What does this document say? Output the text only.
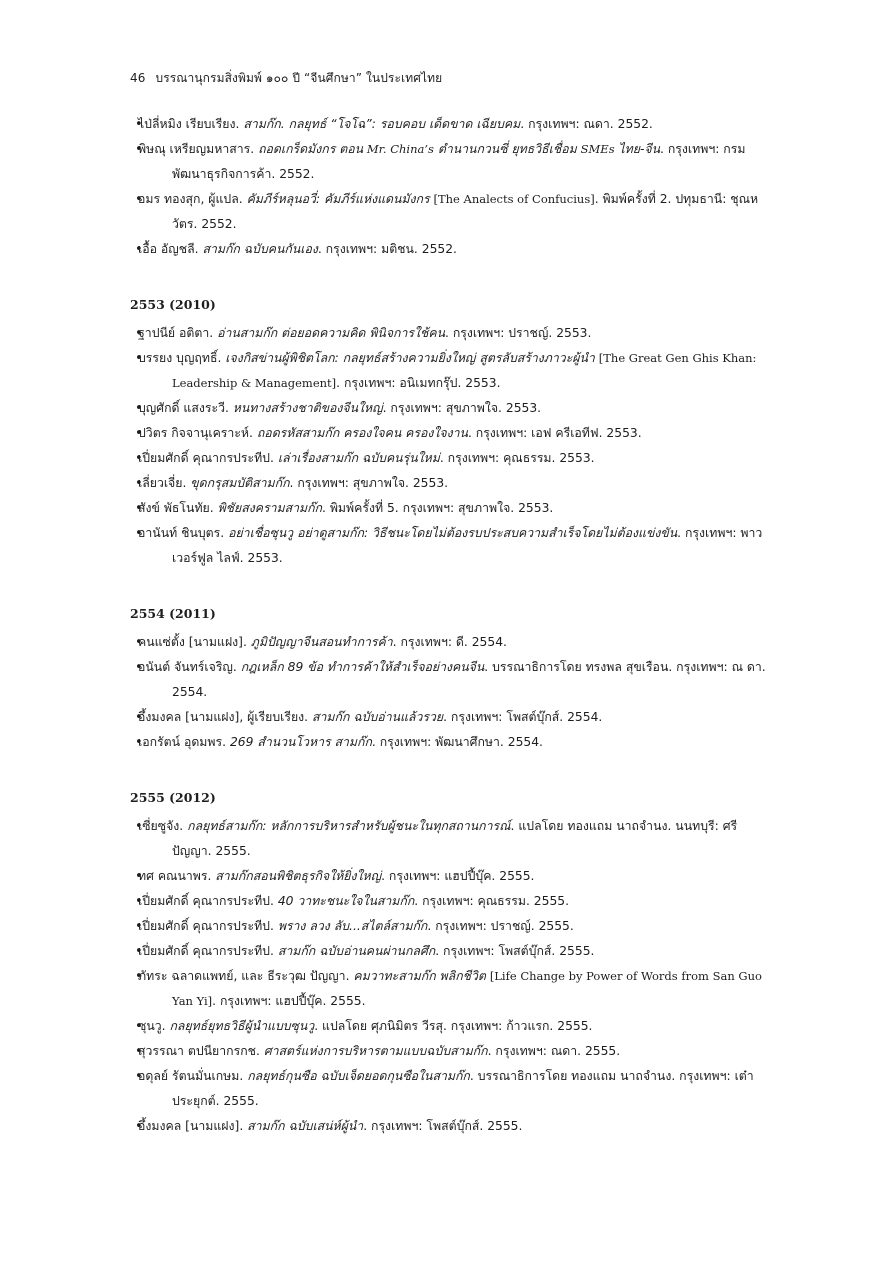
46 บรรณานุกรมสิ่งพิมพ์ ๑๐๐ ปี “จีนศึกษา” ในประเทศไทย
• ไป่ลี่หมิง เรียบเรียง. สามก๊ก. กลยุทธ์ “โจโฉ”: รอบคอบ เด็ดขาด เฉียบคม. กรุงเทพฯ: ณดา. 2552.
• พิษณุ เหรียญมหาสาร. ถอดเกร็ดมังกร ตอน Mr. China’s ตำนานกวนซี่ ยุทธวิธีเชื่อม SMEs ไทย-จีน. กรุงเทพฯ: กรมพัฒนาธุรกิจการค้า. 2552.
• อมร ทองสุก, ผู้แปล. คัมภีร์หลุนอวี่: คัมภีร์แห่งแดนมังกร [The Analects of Confucius]. พิมพ์ครั้งที่ 2. ปทุมธานี: ชุณหวัตร. 2552.
• เอื้อ อัญชลี. สามก๊ก ฉบับคนกันเอง. กรุงเทพฯ: มติชน. 2552.
2553 (2010)
• ฐาปนีย์ อติตา. อ่านสามก๊ก ต่อยอดความคิด พินิจการใช้คน. กรุงเทพฯ: ปราชญ์. 2553.
• บรรยง บุญฤทธิ์. เจงกิสข่านผู้พิชิตโลก: กลยุทธ์สร้างความยิ่งใหญ่ สูตรลับสร้างภาวะผู้นำ [The Great Gen Ghis Khan: Leadership & Management]. กรุงเทพฯ: อนิเมทกรุ๊ป. 2553.
• บุญศักดิ์ แสงระวี. หนทางสร้างชาติของจีนใหญ่. กรุงเทพฯ: สุขภาพใจ. 2553.
• ปวิตร กิจจานุเคราะห์. ถอดรหัสสามก๊ก ครองใจคน ครองใจงาน. กรุงเทพฯ: เอฟ ครีเอทีฟ. 2553.
• เปี่ยมศักดิ์ คุณากรประทีป. เล่าเรื่องสามก๊ก ฉบับคนรุ่นใหม่. กรุงเทพฯ: คุณธรรม. 2553.
• เลี่ยวเจี่ย. ขุดกรุสมบัติสามก๊ก. กรุงเทพฯ: สุขภาพใจ. 2553.
• สังข์ พัธโนทัย. พิชัยสงครามสามก๊ก. พิมพ์ครั้งที่ 5. กรุงเทพฯ: สุขภาพใจ. 2553.
• อานันท์ ชินบุตร. อย่าเชื่อซุนวู อย่าดูสามก๊ก: วิธีชนะโดยไม่ต้องรบประสบความสำเร็จโดยไม่ต้องแข่งขัน. กรุงเทพฯ: พาวเวอร์ฟูล ไลฟ์. 2553.
2554 (2011)
• คนแซ่ตั้ง [นามแฝง]. ภูมิปัญญาจีนสอนทำการค้า. กรุงเทพฯ: ดี. 2554.
• อนันต์ จันทร์เจริญ. กฎเหล็ก 89 ข้อ ทำการค้าให้สำเร็จอย่างคนจีน. บรรณาธิการโดย ทรงพล สุขเรือน. กรุงเทพฯ: ณ ดา. 2554.
• อึ้งมงคล [นามแฝง], ผู้เรียบเรียง. สามก๊ก ฉบับอ่านแล้วรวย. กรุงเทพฯ: โพสต์บุ๊กส์. 2554.
• เอกรัตน์ อุดมพร. 269 สำนวนโวหาร สามก๊ก. กรุงเทพฯ: พัฒนาศึกษา. 2554.
2555 (2012)
• เซี่ยซูจัง. กลยุทธ์สามก๊ก: หลักการบริหารสำหรับผู้ชนะในทุกสถานการณ์. แปลโดย ทองแถม นาถจำนง. นนทบุรี: ศรีปัญญา. 2555.
• ทศ คณนาพร. สามก๊กสอนพิชิตธุรกิจให้ยิ่งใหญ่. กรุงเทพฯ: แฮปปี้บุ๊ค. 2555.
• เปี่ยมศักดิ์ คุณากรประทีป. 40 วาทะชนะใจในสามก๊ก. กรุงเทพฯ: คุณธรรม. 2555.
• เปี่ยมศักดิ์ คุณากรประทีป. พราง ลวง ลับ...สไตล์สามก๊ก. กรุงเทพฯ: ปราชญ์. 2555.
• เปี่ยมศักดิ์ คุณากรประทีป. สามก๊ก ฉบับอ่านคนผ่านกลศึก. กรุงเทพฯ: โพสต์บุ๊กส์. 2555.
• ภัทระ ฉลาดแพทย์, และ ธีระวุฒ ปัญญา. คมวาทะสามก๊ก พลิกชีวิต [Life Change by Power of Words from San Guo Yan Yi]. กรุงเทพฯ: แฮปปี้บุ๊ค. 2555.
• ซุนวู. กลยุทธ์ยุทธวิธีผู้นำแบบซุนวู. แปลโดย ศุภนิมิตร วีรสุ. กรุงเทพฯ: ก้าวแรก. 2555.
• สุวรรณา ตปนียากรกช. ศาสตร์แห่งการบริหารตามแบบฉบับสามก๊ก. กรุงเทพฯ: ณดา. 2555.
• อดุลย์ รัตนมั่นเกษม. กลยุทธ์กุนซือ ฉบับเจ็ดยอดกุนซือในสามก๊ก. บรรณาธิการโดย ทองแถม นาถจำนง. กรุงเทพฯ: เต๋าประยุกต์. 2555.
• อึ้งมงคล [นามแฝง]. สามก๊ก ฉบับเสน่ห์ผู้นำ. กรุงเทพฯ: โพสต์บุ๊กส์. 2555.
